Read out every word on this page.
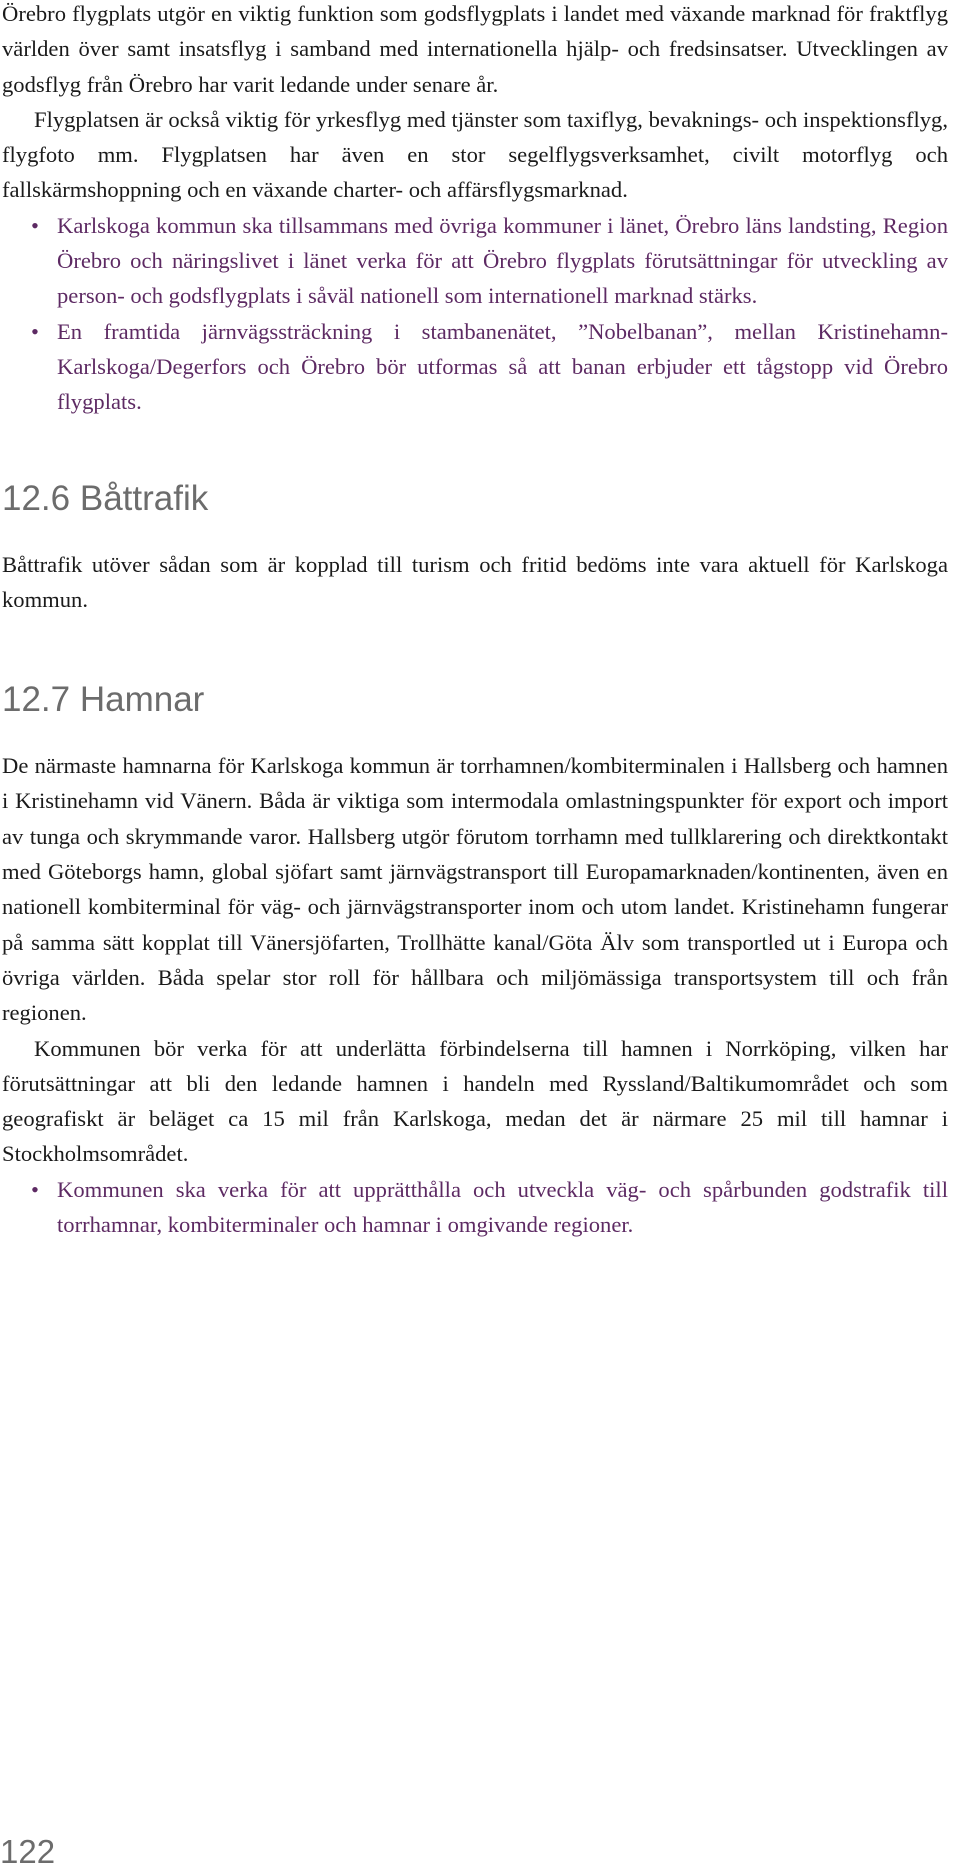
Örebro flygplats utgör en viktig funktion som godsflygplats i landet med växande marknad för fraktflyg världen över samt insatsflyg i samband med internationella hjälp- och fredsinsatser. Utvecklingen av godsflyg från Örebro har varit ledande under senare år.

Flygplatsen är också viktig för yrkesflyg med tjänster som taxiflyg, bevaknings- och inspektionsflyg, flygfoto mm. Flygplatsen har även en stor segelflygsverksamhet, civilt motorflyg och fallskärmshoppning och en växande charter- och affärsflygsmarknad.

• Karlskoga kommun ska tillsammans med övriga kommuner i länet, Örebro läns landsting, Region Örebro och näringslivet i länet verka för att Örebro flygplats förutsättningar för utveckling av person- och godsflygplats i såväl nationell som internationell marknad stärks.
• En framtida järnvägssträckning i stambanenätet, ”Nobelbanan”, mellan Kristinehamn-Karlskoga/Degerfors och Örebro bör utformas så att banan erbjuder ett tågstopp vid Örebro flygplats.
12.6 Båttrafik

Båttrafik utöver sådan som är kopplad till turism och fritid bedöms inte vara aktuell för Karlskoga kommun.

12.7 Hamnar

De närmaste hamnarna för Karlskoga kommun är torrhamnen/kombiterminalen i Hallsberg och hamnen i Kristinehamn vid Vänern. Båda är viktiga som intermodala omlastningspunkter för export och import av tunga och skrymmande varor. Hallsberg utgör förutom torrhamn med tullklarering och direktkontakt med Göteborgs hamn, global sjöfart samt järnvägstransport till Europamarknaden/kontinenten, även en nationell kombiterminal för väg- och järnvägstransporter inom och utom landet. Kristinehamn fungerar på samma sätt kopplat till Vänersjöfarten, Trollhätte kanal/Göta Älv som transportled ut i Europa och övriga världen. Båda spelar stor roll för hållbara och miljömässiga transportsystem till och från regionen.

Kommunen bör verka för att underlätta förbindelserna till hamnen i Norrköping, vilken har förutsättningar att bli den ledande hamnen i handeln med Ryssland/Baltikumområdet och som geografiskt är beläget ca 15 mil från Karlskoga, medan det är närmare 25 mil till hamnar i Stockholmsområdet.

• Kommunen ska verka för att upprätthålla och utveckla väg- och spårbunden godstrafik till torrhamnar, kombiterminaler och hamnar i omgivande regioner.
122
